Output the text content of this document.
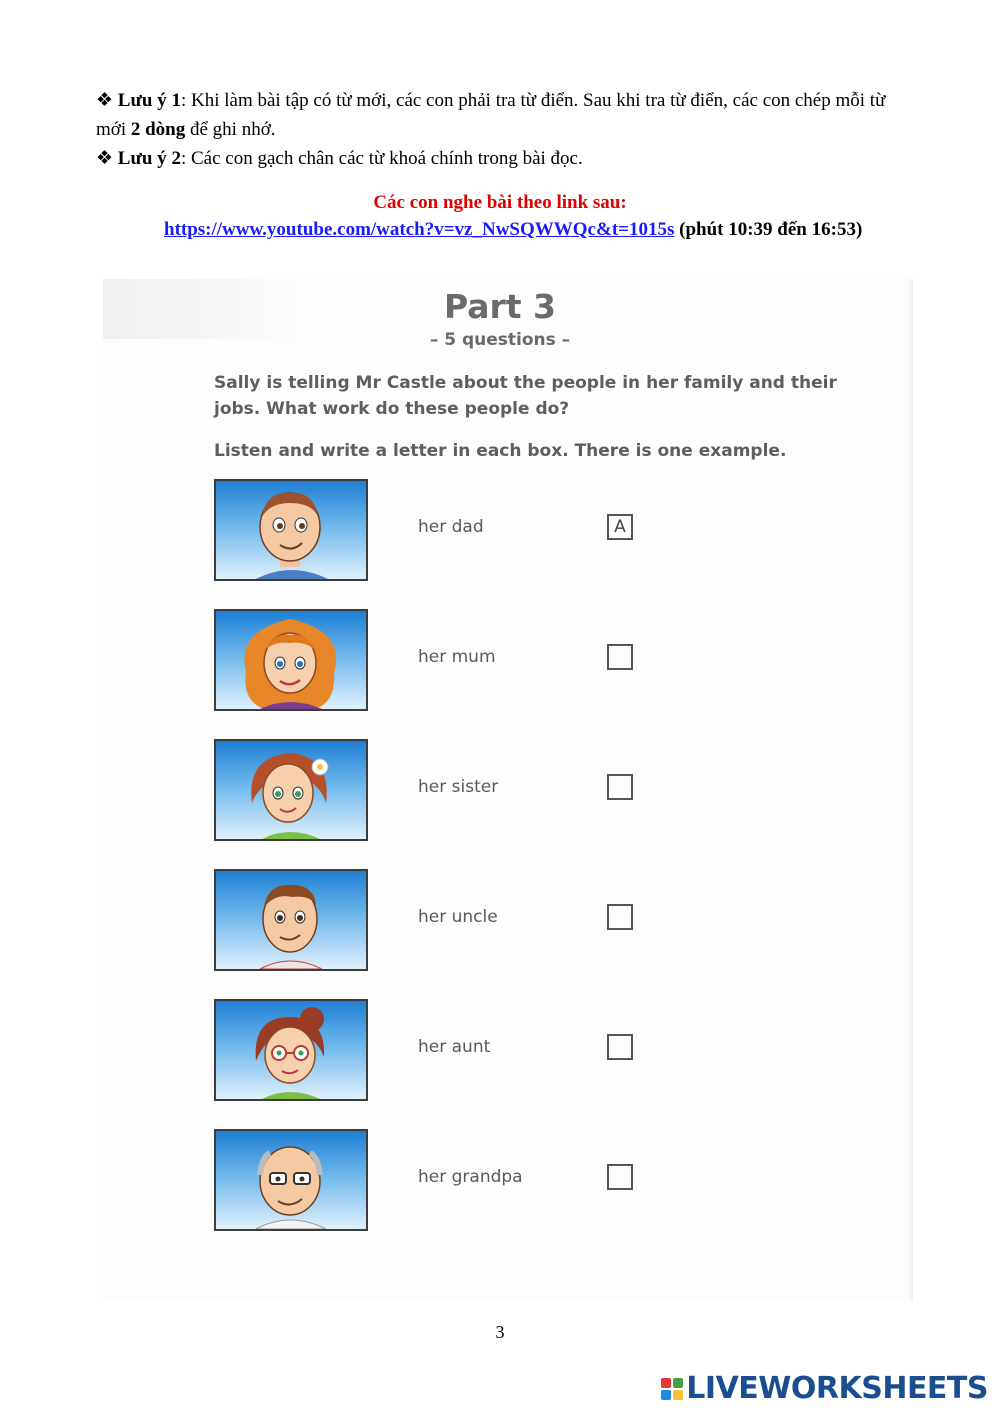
❖ Lưu ý 1: Khi làm bài tập có từ mới, các con phải tra từ điển. Sau khi tra từ điển, các con chép mỗi từ mới 2 dòng để ghi nhớ.

❖ Lưu ý 2: Các con gạch chân các từ khoá chính trong bài đọc.

Các con nghe bài theo link sau:
https://www.youtube.com/watch?v=vz_NwSQWWQc&t=1015s (phút 10:39 đến 16:53)
Part 3
– 5 questions –
Sally is telling Mr Castle about the people in her family and their jobs. What work do these people do?
Listen and write a letter in each box. There is one example.
her dad	A
her mum
her sister
her uncle
her aunt
her grandpa
3
LIVEWORKSHEETS
